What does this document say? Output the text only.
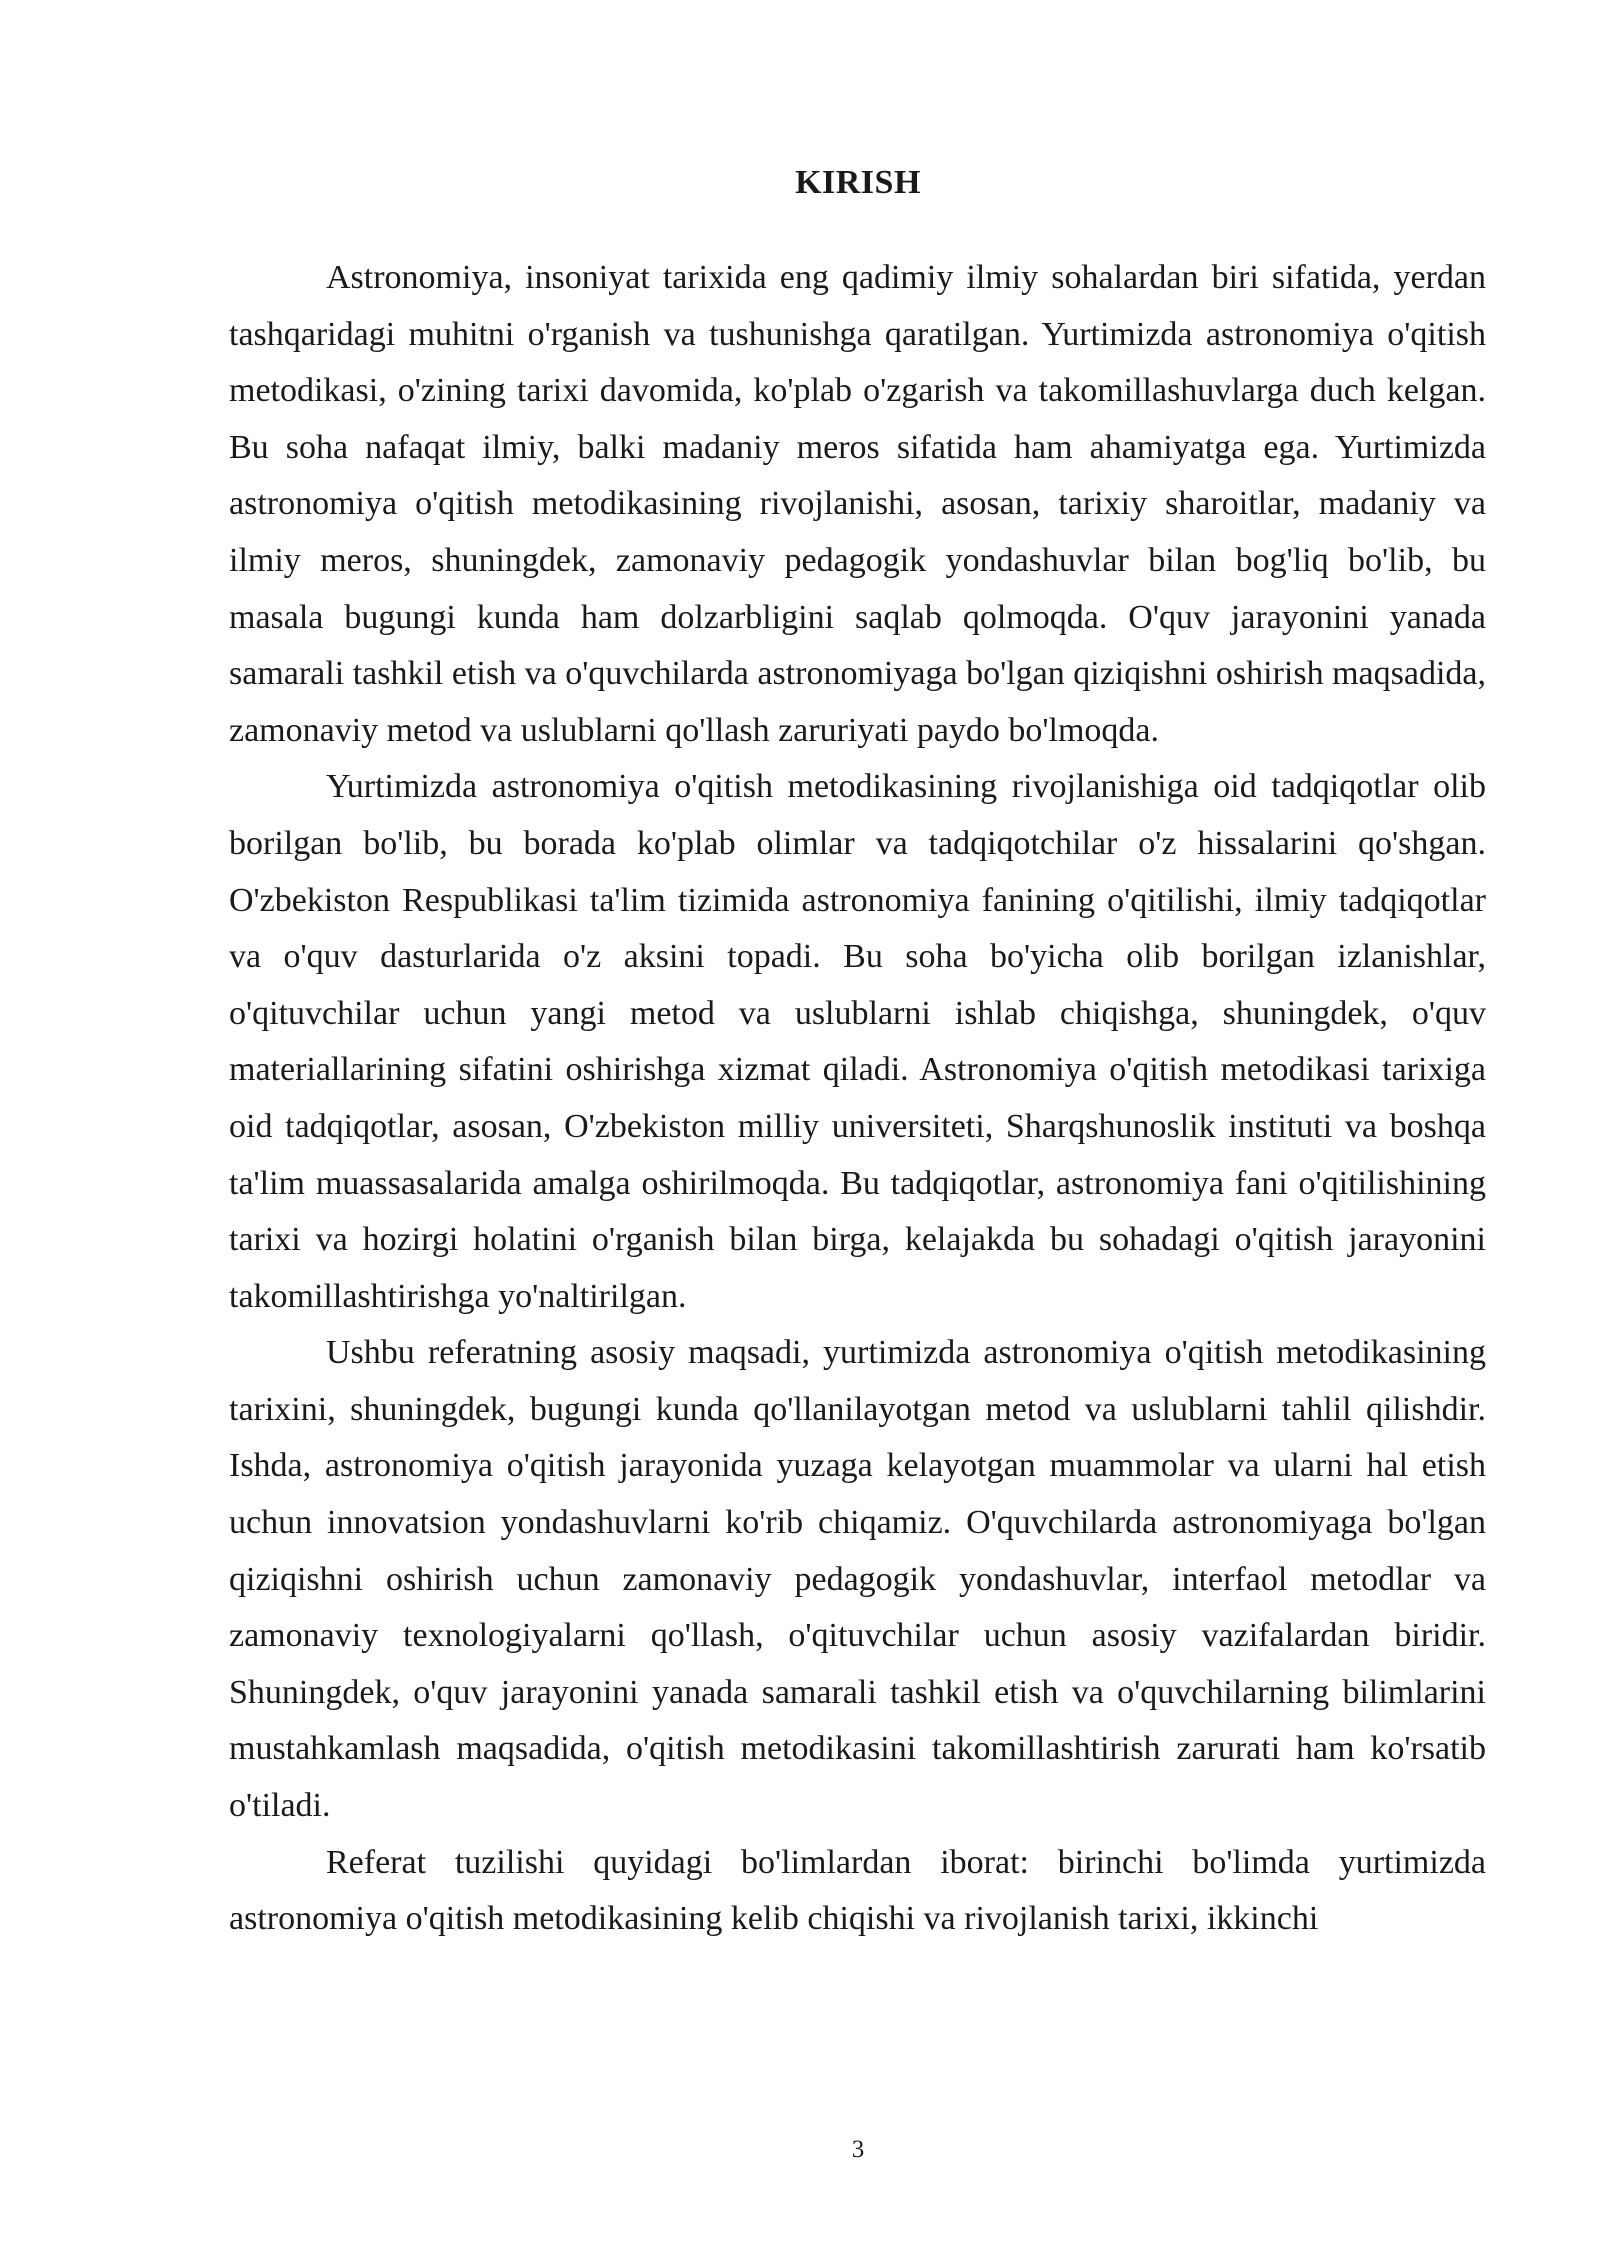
KIRISH

Astronomiya, insoniyat tarixida eng qadimiy ilmiy sohalardan biri sifatida, yerdan tashqaridagi muhitni o'rganish va tushunishga qaratilgan. Yurtimizda astronomiya o'qitish metodikasi, o'zining tarixi davomida, ko'plab o'zgarish va takomillashuvlarga duch kelgan. Bu soha nafaqat ilmiy, balki madaniy meros sifatida ham ahamiyatga ega. Yurtimizda astronomiya o'qitish metodikasining rivojlanishi, asosan, tarixiy sharoitlar, madaniy va ilmiy meros, shuningdek, zamonaviy pedagogik yondashuvlar bilan bog'liq bo'lib, bu masala bugungi kunda ham dolzarbligini saqlab qolmoqda. O'quv jarayonini yanada samarali tashkil etish va o'quvchilarda astronomiyaga bo'lgan qiziqishni oshirish maqsadida, zamonaviy metod va uslublarni qo'llash zaruriyati paydo bo'lmoqda.

Yurtimizda astronomiya o'qitish metodikasining rivojlanishiga oid tadqiqotlar olib borilgan bo'lib, bu borada ko'plab olimlar va tadqiqotchilar o'z hissalarini qo'shgan. O'zbekiston Respublikasi ta'lim tizimida astronomiya fanining o'qitilishi, ilmiy tadqiqotlar va o'quv dasturlarida o'z aksini topadi. Bu soha bo'yicha olib borilgan izlanishlar, o'qituvchilar uchun yangi metod va uslublarni ishlab chiqishga, shuningdek, o'quv materiallarining sifatini oshirishga xizmat qiladi. Astronomiya o'qitish metodikasi tarixiga oid tadqiqotlar, asosan, O'zbekiston milliy universiteti, Sharqshunoslik instituti va boshqa ta'lim muassasalarida amalga oshirilmoqda. Bu tadqiqotlar, astronomiya fani o'qitilishining tarixi va hozirgi holatini o'rganish bilan birga, kelajakda bu sohadagi o'qitish jarayonini takomillashtirishga yo'naltirilgan.

Ushbu referatning asosiy maqsadi, yurtimizda astronomiya o'qitish metodikasining tarixini, shuningdek, bugungi kunda qo'llanilayotgan metod va uslublarni tahlil qilishdir. Ishda, astronomiya o'qitish jarayonida yuzaga kelayotgan muammolar va ularni hal etish uchun innovatsion yondashuvlarni ko'rib chiqamiz. O'quvchilarda astronomiyaga bo'lgan qiziqishni oshirish uchun zamonaviy pedagogik yondashuvlar, interfaol metodlar va zamonaviy texnologiyalarni qo'llash, o'qituvchilar uchun asosiy vazifalardan biridir. Shuningdek, o'quv jarayonini yanada samarali tashkil etish va o'quvchilarning bilimlarini mustahkamlash maqsadida, o'qitish metodikasini takomillashtirish zarurati ham ko'rsatib o'tiladi.

Referat tuzilishi quyidagi bo'limlardan iborat: birinchi bo'limda yurtimizda astronomiya o'qitish metodikasining kelib chiqishi va rivojlanish tarixi, ikkinchi

3
